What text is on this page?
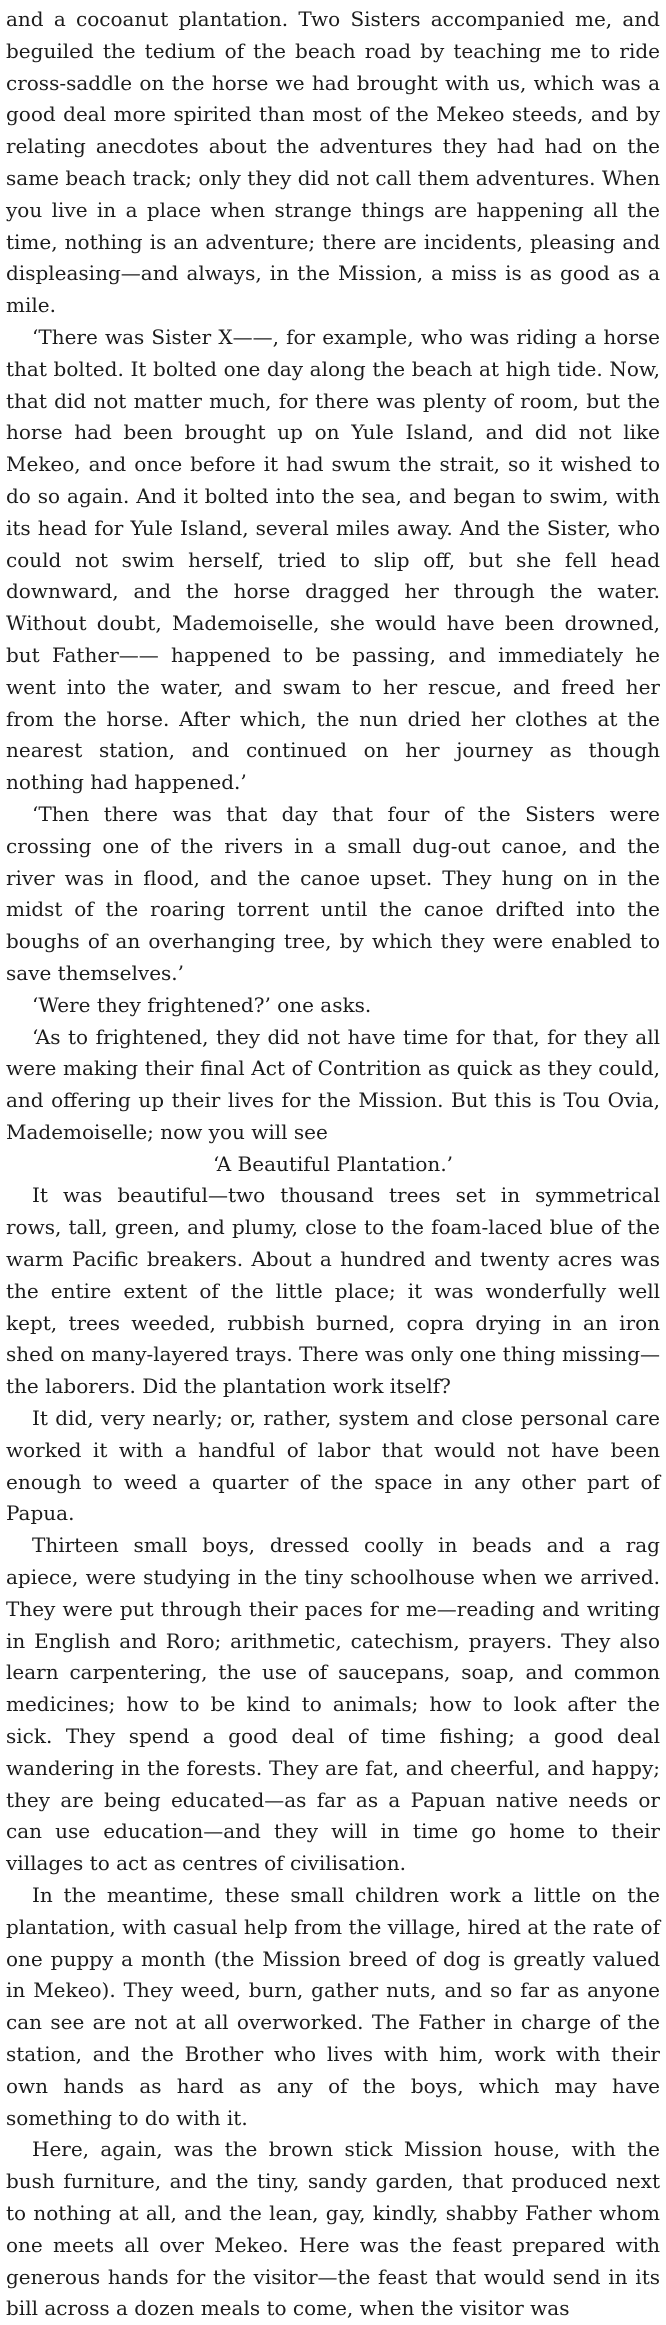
and a cocoanut plantation. Two Sisters accompanied me, and beguiled the tedium of the beach road by teaching me to ride cross-saddle on the horse we had brought with us, which was a good deal more spirited than most of the Mekeo steeds, and by relating anecdotes about the adventures they had had on the same beach track; only they did not call them adventures. When you live in a place when strange things are happening all the time, nothing is an adventure; there are incidents, pleasing and displeasing—and always, in the Mission, a miss is as good as a mile.

‘There was Sister X——, for example, who was riding a horse that bolted. It bolted one day along the beach at high tide. Now, that did not matter much, for there was plenty of room, but the horse had been brought up on Yule Island, and did not like Mekeo, and once before it had swum the strait, so it wished to do so again. And it bolted into the sea, and began to swim, with its head for Yule Island, several miles away. And the Sister, who could not swim herself, tried to slip off, but she fell head downward, and the horse dragged her through the water. Without doubt, Mademoiselle, she would have been drowned, but Father—— happened to be passing, and immediately he went into the water, and swam to her rescue, and freed her from the horse. After which, the nun dried her clothes at the nearest station, and continued on her journey as though nothing had happened.’

‘Then there was that day that four of the Sisters were crossing one of the rivers in a small dug-out canoe, and the river was in flood, and the canoe upset. They hung on in the midst of the roaring torrent until the canoe drifted into the boughs of an overhanging tree, by which they were enabled to save themselves.’

‘Were they frightened?’ one asks.

‘As to frightened, they did not have time for that, for they all were making their final Act of Contrition as quick as they could, and offering up their lives for the Mission. But this is Tou Ovia, Mademoiselle; now you will see

‘A Beautiful Plantation.’

It was beautiful—two thousand trees set in symmetrical rows, tall, green, and plumy, close to the foam-laced blue of the warm Pacific breakers. About a hundred and twenty acres was the entire extent of the little place; it was wonderfully well kept, trees weeded, rubbish burned, copra drying in an iron shed on many-layered trays. There was only one thing missing—the laborers. Did the plantation work itself?

It did, very nearly; or, rather, system and close personal care worked it with a handful of labor that would not have been enough to weed a quarter of the space in any other part of Papua.

Thirteen small boys, dressed coolly in beads and a rag apiece, were studying in the tiny schoolhouse when we arrived. They were put through their paces for me—reading and writing in English and Roro; arithmetic, catechism, prayers. They also learn carpentering, the use of saucepans, soap, and common medicines; how to be kind to animals; how to look after the sick. They spend a good deal of time fishing; a good deal wandering in the forests. They are fat, and cheerful, and happy; they are being educated—as far as a Papuan native needs or can use education—and they will in time go home to their villages to act as centres of civilisation.

In the meantime, these small children work a little on the plantation, with casual help from the village, hired at the rate of one puppy a month (the Mission breed of dog is greatly valued in Mekeo). They weed, burn, gather nuts, and so far as anyone can see are not at all overworked. The Father in charge of the station, and the Brother who lives with him, work with their own hands as hard as any of the boys, which may have something to do with it.

Here, again, was the brown stick Mission house, with the bush furniture, and the tiny, sandy garden, that produced next to nothing at all, and the lean, gay, kindly, shabby Father whom one meets all over Mekeo. Here was the feast prepared with generous hands for the visitor—the feast that would send in its bill across a dozen meals to come, when the visitor was
